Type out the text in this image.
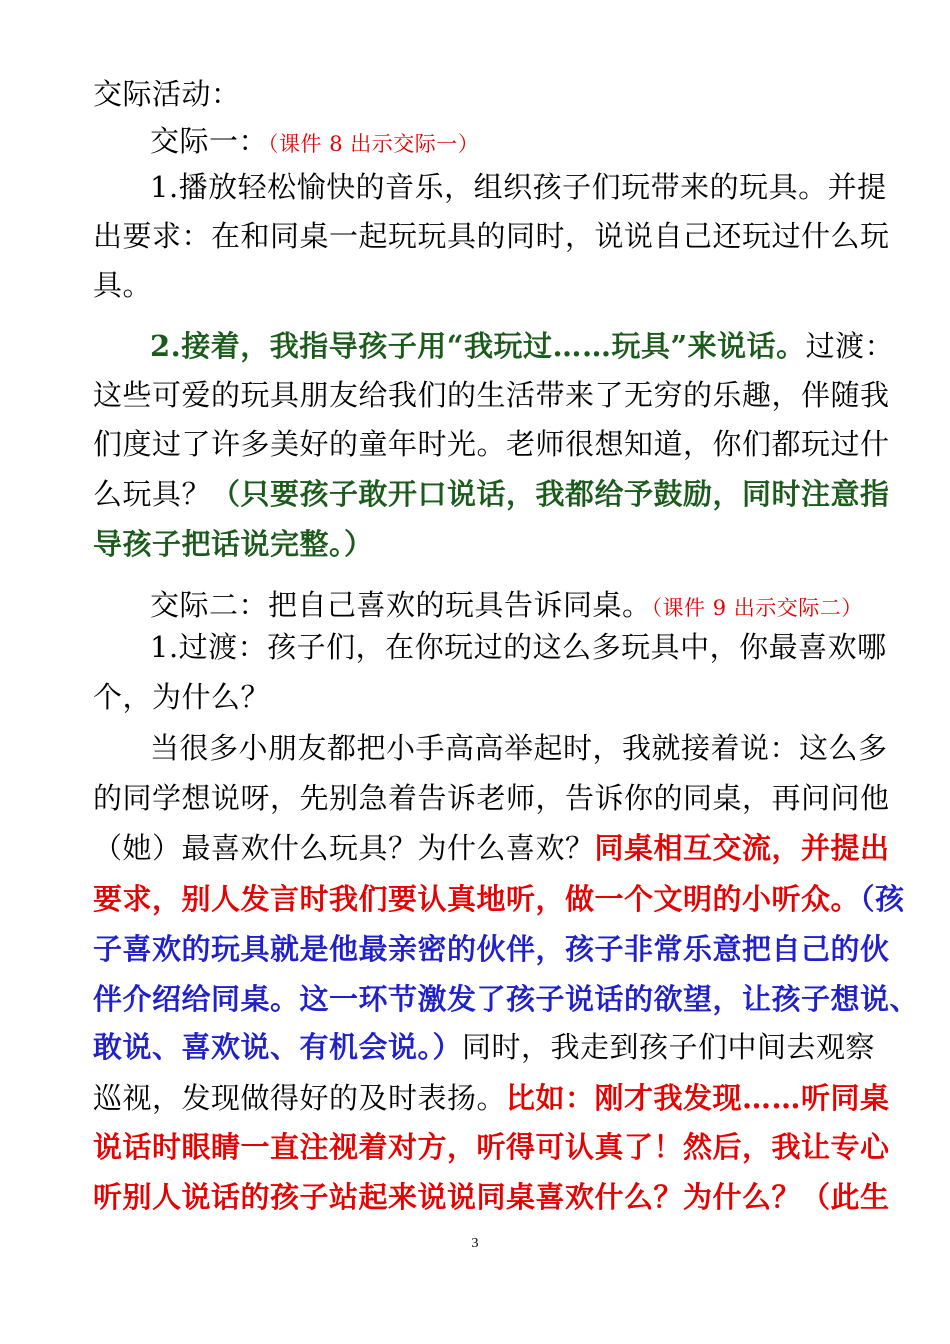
交际活动：
交际一：（课件 8 出示交际一）
1.播放轻松愉快的音乐，组织孩子们玩带来的玩具。并提
出要求：在和同桌一起玩玩具的同时，说说自己还玩过什么玩
具。
2.接着，我指导孩子用“我玩过……玩具”来说话。过渡：
这些可爱的玩具朋友给我们的生活带来了无穷的乐趣，伴随我
们度过了许多美好的童年时光。老师很想知道，你们都玩过什
么玩具？（只要孩子敢开口说话，我都给予鼓励，同时注意指
导孩子把话说完整。）
交际二：把自己喜欢的玩具告诉同桌。（课件 9 出示交际二）
1.过渡：孩子们，在你玩过的这么多玩具中，你最喜欢哪
个，为什么？
当很多小朋友都把小手高高举起时，我就接着说：这么多
的同学想说呀，先别急着告诉老师，告诉你的同桌，再问问他
（她）最喜欢什么玩具？为什么喜欢？同桌相互交流，并提出
要求，别人发言时我们要认真地听，做一个文明的小听众。（孩
子喜欢的玩具就是他最亲密的伙伴，孩子非常乐意把自己的伙
伴介绍给同桌。这一环节激发了孩子说话的欲望，让孩子想说、
敢说、喜欢说、有机会说。）同时，我走到孩子们中间去观察
巡视，发现做得好的及时表扬。比如：刚才我发现……听同桌
说话时眼睛一直注视着对方，听得可认真了！然后，我让专心
听别人说话的孩子站起来说说同桌喜欢什么？为什么？（此生
3
